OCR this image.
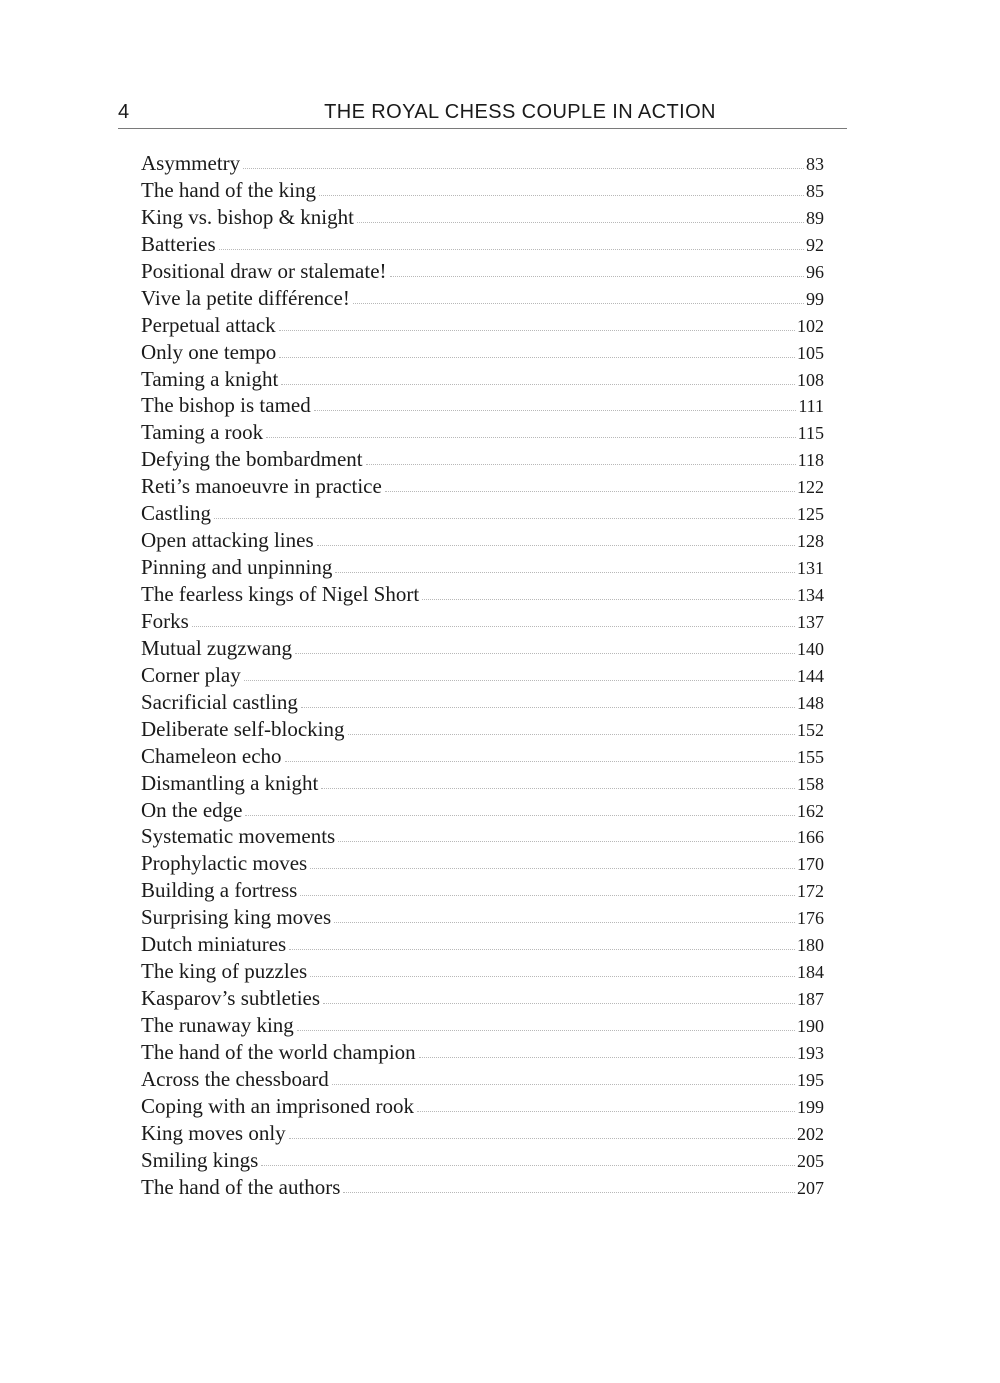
4	THE ROYAL CHESS COUPLE IN ACTION
Asymmetry	83
The hand of the king	85
King vs. bishop & knight	89
Batteries	92
Positional draw or stalemate!	96
Vive la petite différence!	99
Perpetual attack	102
Only one tempo	105
Taming a knight	108
The bishop is tamed	111
Taming a rook	115
Defying the bombardment	118
Reti’s manoeuvre in practice	122
Castling	125
Open attacking lines	128
Pinning and unpinning	131
The fearless kings of Nigel Short	134
Forks	137
Mutual zugzwang	140
Corner play	144
Sacrificial castling	148
Deliberate self-blocking	152
Chameleon echo	155
Dismantling a knight	158
On the edge	162
Systematic movements	166
Prophylactic moves	170
Building a fortress	172
Surprising king moves	176
Dutch miniatures	180
The king of puzzles	184
Kasparov’s subtleties	187
The runaway king	190
The hand of the world champion	193
Across the chessboard	195
Coping with an imprisoned rook	199
King moves only	202
Smiling kings	205
The hand of the authors	207
